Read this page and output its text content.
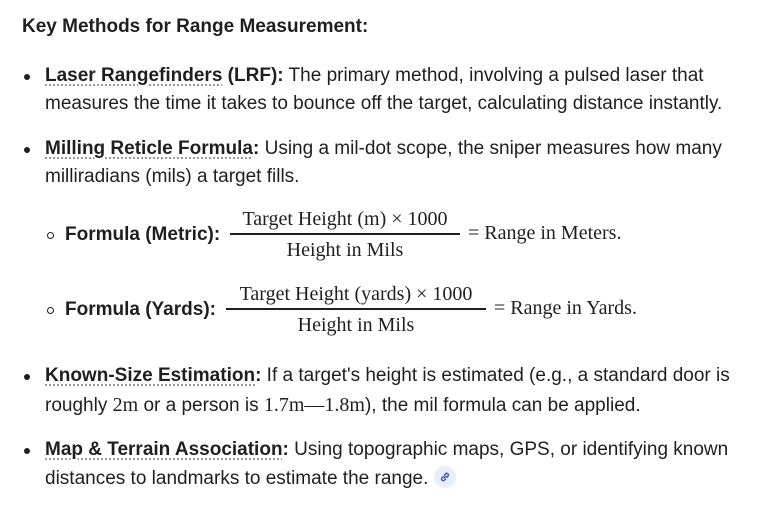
Key Methods for Range Measurement:
Laser Rangefinders (LRF): The primary method, involving a pulsed laser that
measures the time it takes to bounce off the target, calculating distance instantly.
Milling Reticle Formula: Using a mil-dot scope, the sniper measures how many
milliradians (mils) a target fills.
Formula (Metric):
Target Height (m) × 1000
Height in Mils
= Range in Meters.
Formula (Yards):
Target Height (yards) × 1000
Height in Mils
= Range in Yards.
Known-Size Estimation: If a target's height is estimated (e.g., a standard door is
roughly 2m or a person is 1.7m—1.8m), the mil formula can be applied.
Map & Terrain Association: Using topographic maps, GPS, or identifying known
distances to landmarks to estimate the range.
